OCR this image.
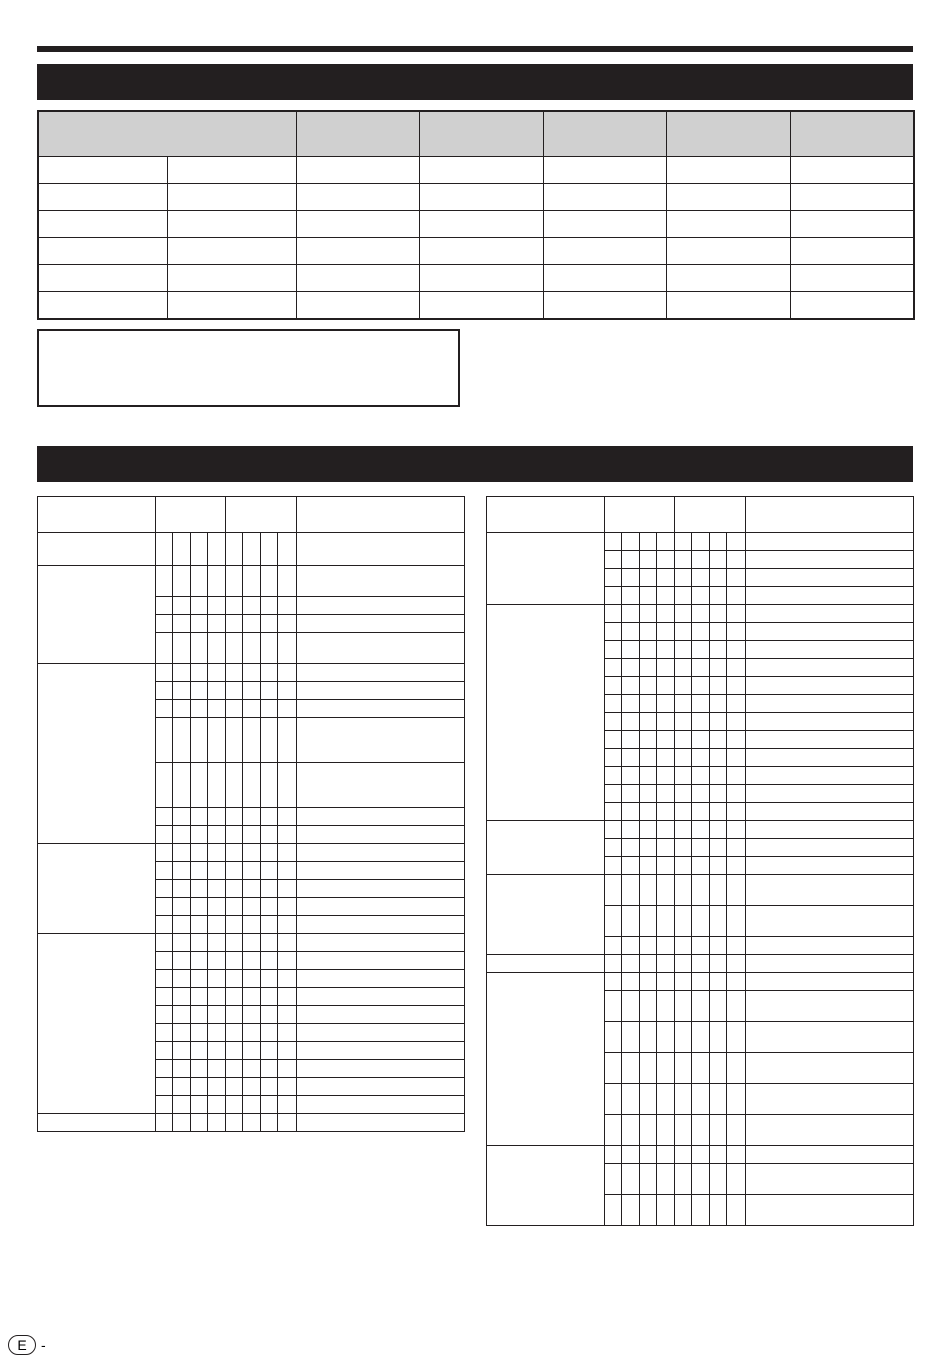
E	-
